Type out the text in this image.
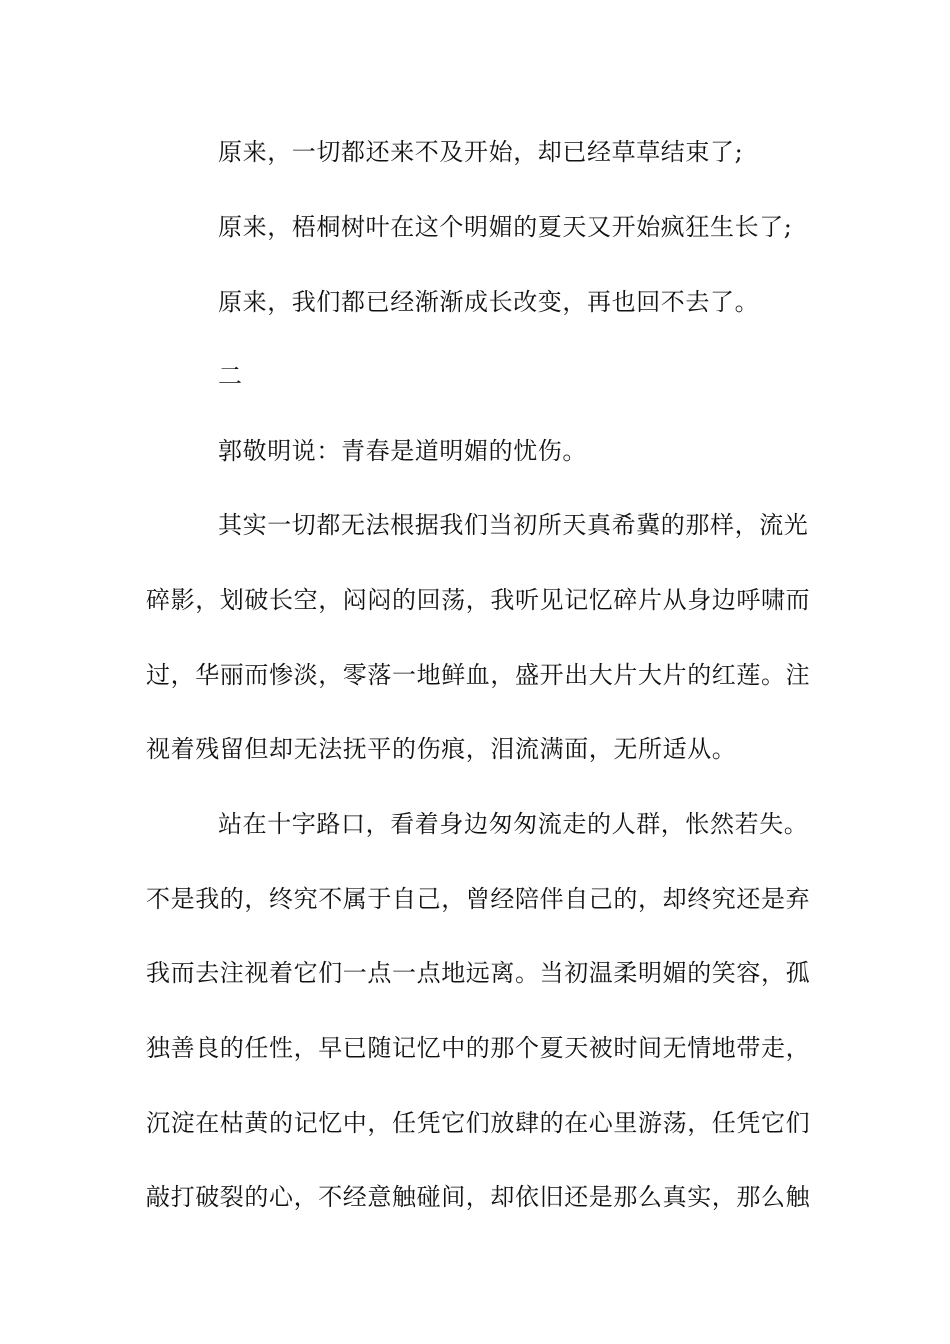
原来，一切都还来不及开始，却已经草草结束了;
原来，梧桐树叶在这个明媚的夏天又开始疯狂生长了;
原来，我们都已经渐渐成长改变，再也回不去了。
二
郭敬明说：青春是道明媚的忧伤。
其实一切都无法根据我们当初所天真希冀的那样，流光
碎影，划破长空，闷闷的回荡，我听见记忆碎片从身边呼啸而
过，华丽而惨淡，零落一地鲜血，盛开出大片大片的红莲。注
视着残留但却无法抚平的伤痕，泪流满面，无所适从。
站在十字路口，看着身边匆匆流走的人群，怅然若失。
不是我的，终究不属于自己，曾经陪伴自己的，却终究还是弃
我而去注视着它们一点一点地远离。当初温柔明媚的笑容，孤
独善良的任性，早已随记忆中的那个夏天被时间无情地带走，
沉淀在枯黄的记忆中，任凭它们放肆的在心里游荡，任凭它们
敲打破裂的心，不经意触碰间，却依旧还是那么真实，那么触
